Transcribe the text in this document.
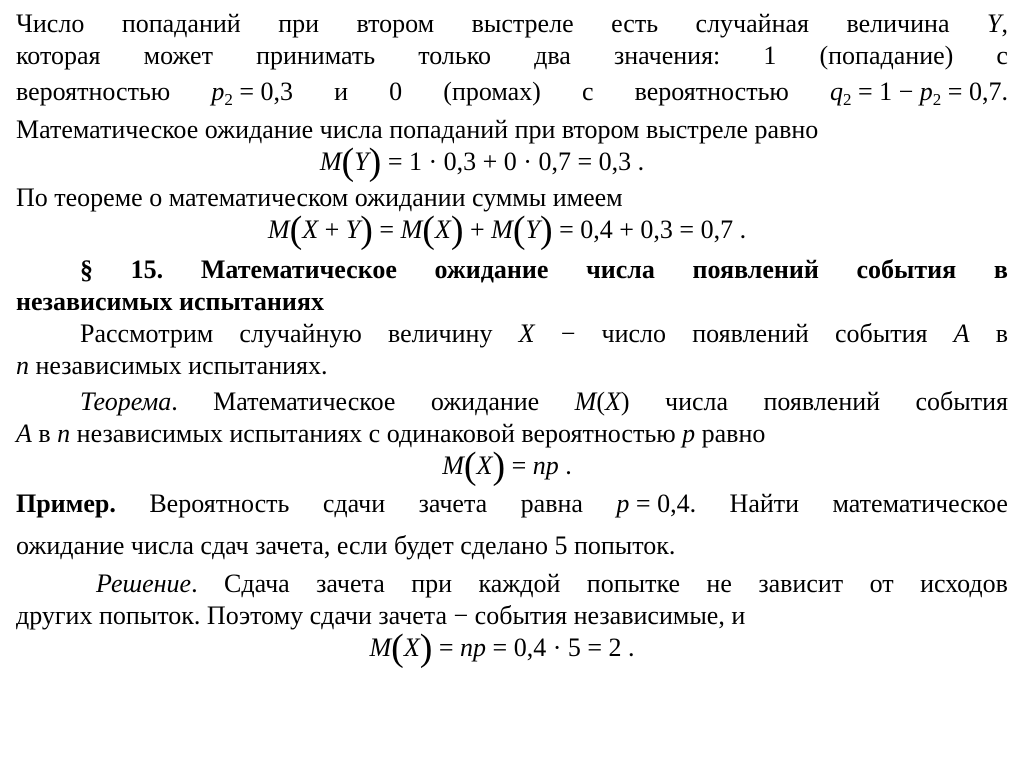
Число попаданий при втором выстреле есть случайная величина Y,
которая может принимать только два значения: 1 (попадание) с
вероятностью $p_2 = 0,3$ и 0 (промах) с вероятностью $q_2 = 1 - p_2 = 0,7$.
Математическое ожидание числа попаданий при втором выстреле равно
M(Y) = 1 · 0,3 + 0 · 0,7 = 0,3 .
По теореме о математическом ожидании суммы имеем
M(X + Y) = M(X) + M(Y) = 0,4 + 0,3 = 0,7 .
§ 15. Математическое ожидание числа появлений события в
независимых испытаниях
Рассмотрим случайную величину X − число появлений события A в
n независимых испытаниях.
Теорема. Математическое ожидание M(X) числа появлений события
A в n независимых испытаниях с одинаковой вероятностью p равно
M(X) = np .
Пример. Вероятность сдачи зачета равна p = 0,4. Найти математическое
ожидание числа сдач зачета, если будет сделано 5 попыток.
Решение. Сдача зачета при каждой попытке не зависит от исходов
других попыток. Поэтому сдачи зачета − события независимые, и
M(X) = np = 0,4 · 5 = 2 .
